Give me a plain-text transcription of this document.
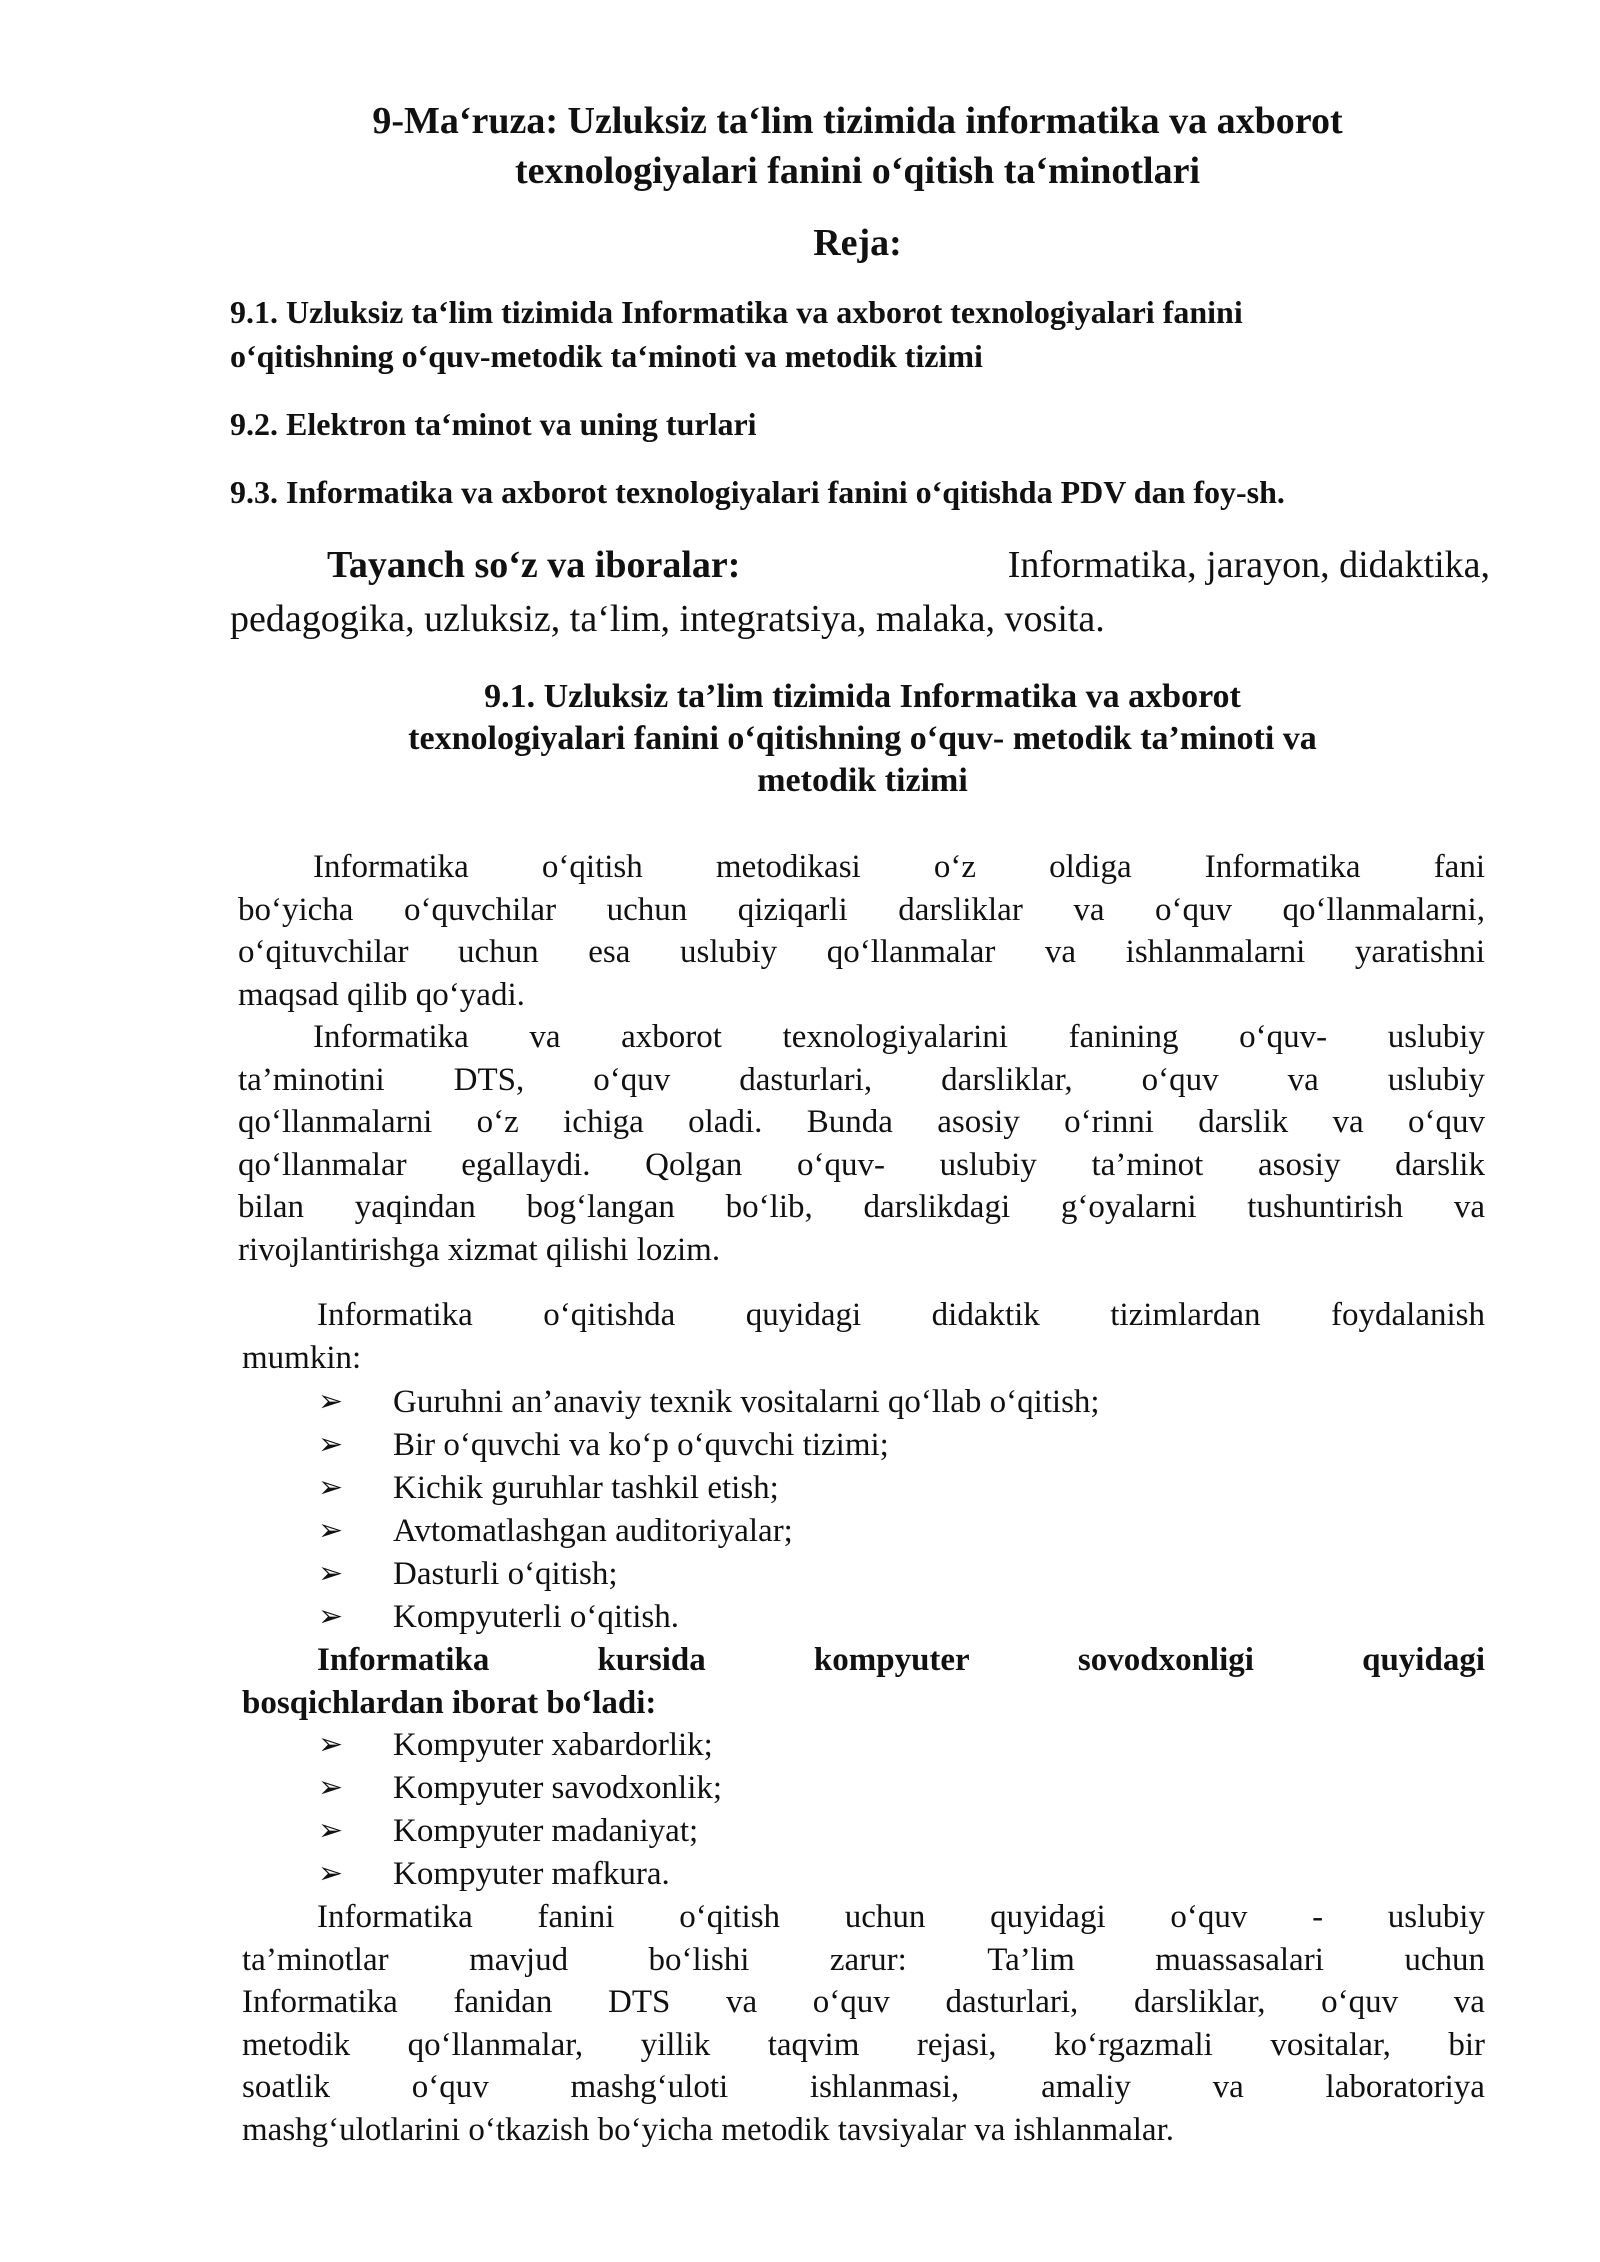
9-Ma‘ruza: Uzluksiz ta‘lim tizimida informatika va axborot
texnologiyalari fanini o‘qitish ta‘minotlari
Reja:
9.1. Uzluksiz ta‘lim tizimida Informatika va axborot texnologiyalari fanini
o‘qitishning o‘quv-metodik ta‘minoti va metodik tizimi
9.2. Elektron ta‘minot va uning turlari
9.3. Informatika va axborot texnologiyalari fanini o‘qitishda PDV dan foy-sh.
Tayanch so‘z va iboralar:	Informatika, jarayon, didaktika,
pedagogika, uzluksiz, ta‘lim, integratsiya, malaka, vosita.
9.1. Uzluksiz ta’lim tizimida Informatika va axborot
texnologiyalari fanini o‘qitishning o‘quv- metodik ta’minoti va
metodik tizimi
Informatika o‘qitish metodikasi o‘z oldiga Informatika fani
bo‘yicha o‘quvchilar uchun qiziqarli darsliklar va o‘quv qo‘llanmalarni,
o‘qituvchilar uchun esa uslubiy qo‘llanmalar va ishlanmalarni yaratishni
maqsad qilib qo‘yadi.
Informatika va axborot texnologiyalarini fanining o‘quv- uslubiy
ta’minotini DTS, o‘quv dasturlari, darsliklar, o‘quv va uslubiy
qo‘llanmalarni o‘z ichiga oladi. Bunda asosiy o‘rinni darslik va o‘quv
qo‘llanmalar egallaydi. Qolgan o‘quv- uslubiy ta’minot asosiy darslik
bilan yaqindan bog‘langan bo‘lib, darslikdagi g‘oyalarni tushuntirish va
rivojlantirishga xizmat qilishi lozim.
Informatika o‘qitishda quyidagi didaktik tizimlardan foydalanish
mumkin:
➢	Guruhni an’anaviy texnik vositalarni qo‘llab o‘qitish;
➢	Bir o‘quvchi va ko‘p o‘quvchi tizimi;
➢	Kichik guruhlar tashkil etish;
➢	Avtomatlashgan auditoriyalar;
➢	Dasturli o‘qitish;
➢	Kompyuterli o‘qitish.
Informatika	kursida	kompyuter	sovodxonligi	quyidagi
bosqichlardan iborat bo‘ladi:
➢	Kompyuter xabardorlik;
➢	Kompyuter savodxonlik;
➢	Kompyuter madaniyat;
➢	Kompyuter mafkura.
Informatika fanini o‘qitish uchun quyidagi o‘quv - uslubiy
ta’minotlar mavjud bo‘lishi zarur: Ta’lim muassasalari uchun
Informatika fanidan DTS va o‘quv dasturlari, darsliklar, o‘quv va
metodik qo‘llanmalar, yillik taqvim rejasi, ko‘rgazmali vositalar, bir
soatlik o‘quv mashg‘uloti ishlanmasi, amaliy va laboratoriya
mashg‘ulotlarini o‘tkazish bo‘yicha metodik tavsiyalar va ishlanmalar.
